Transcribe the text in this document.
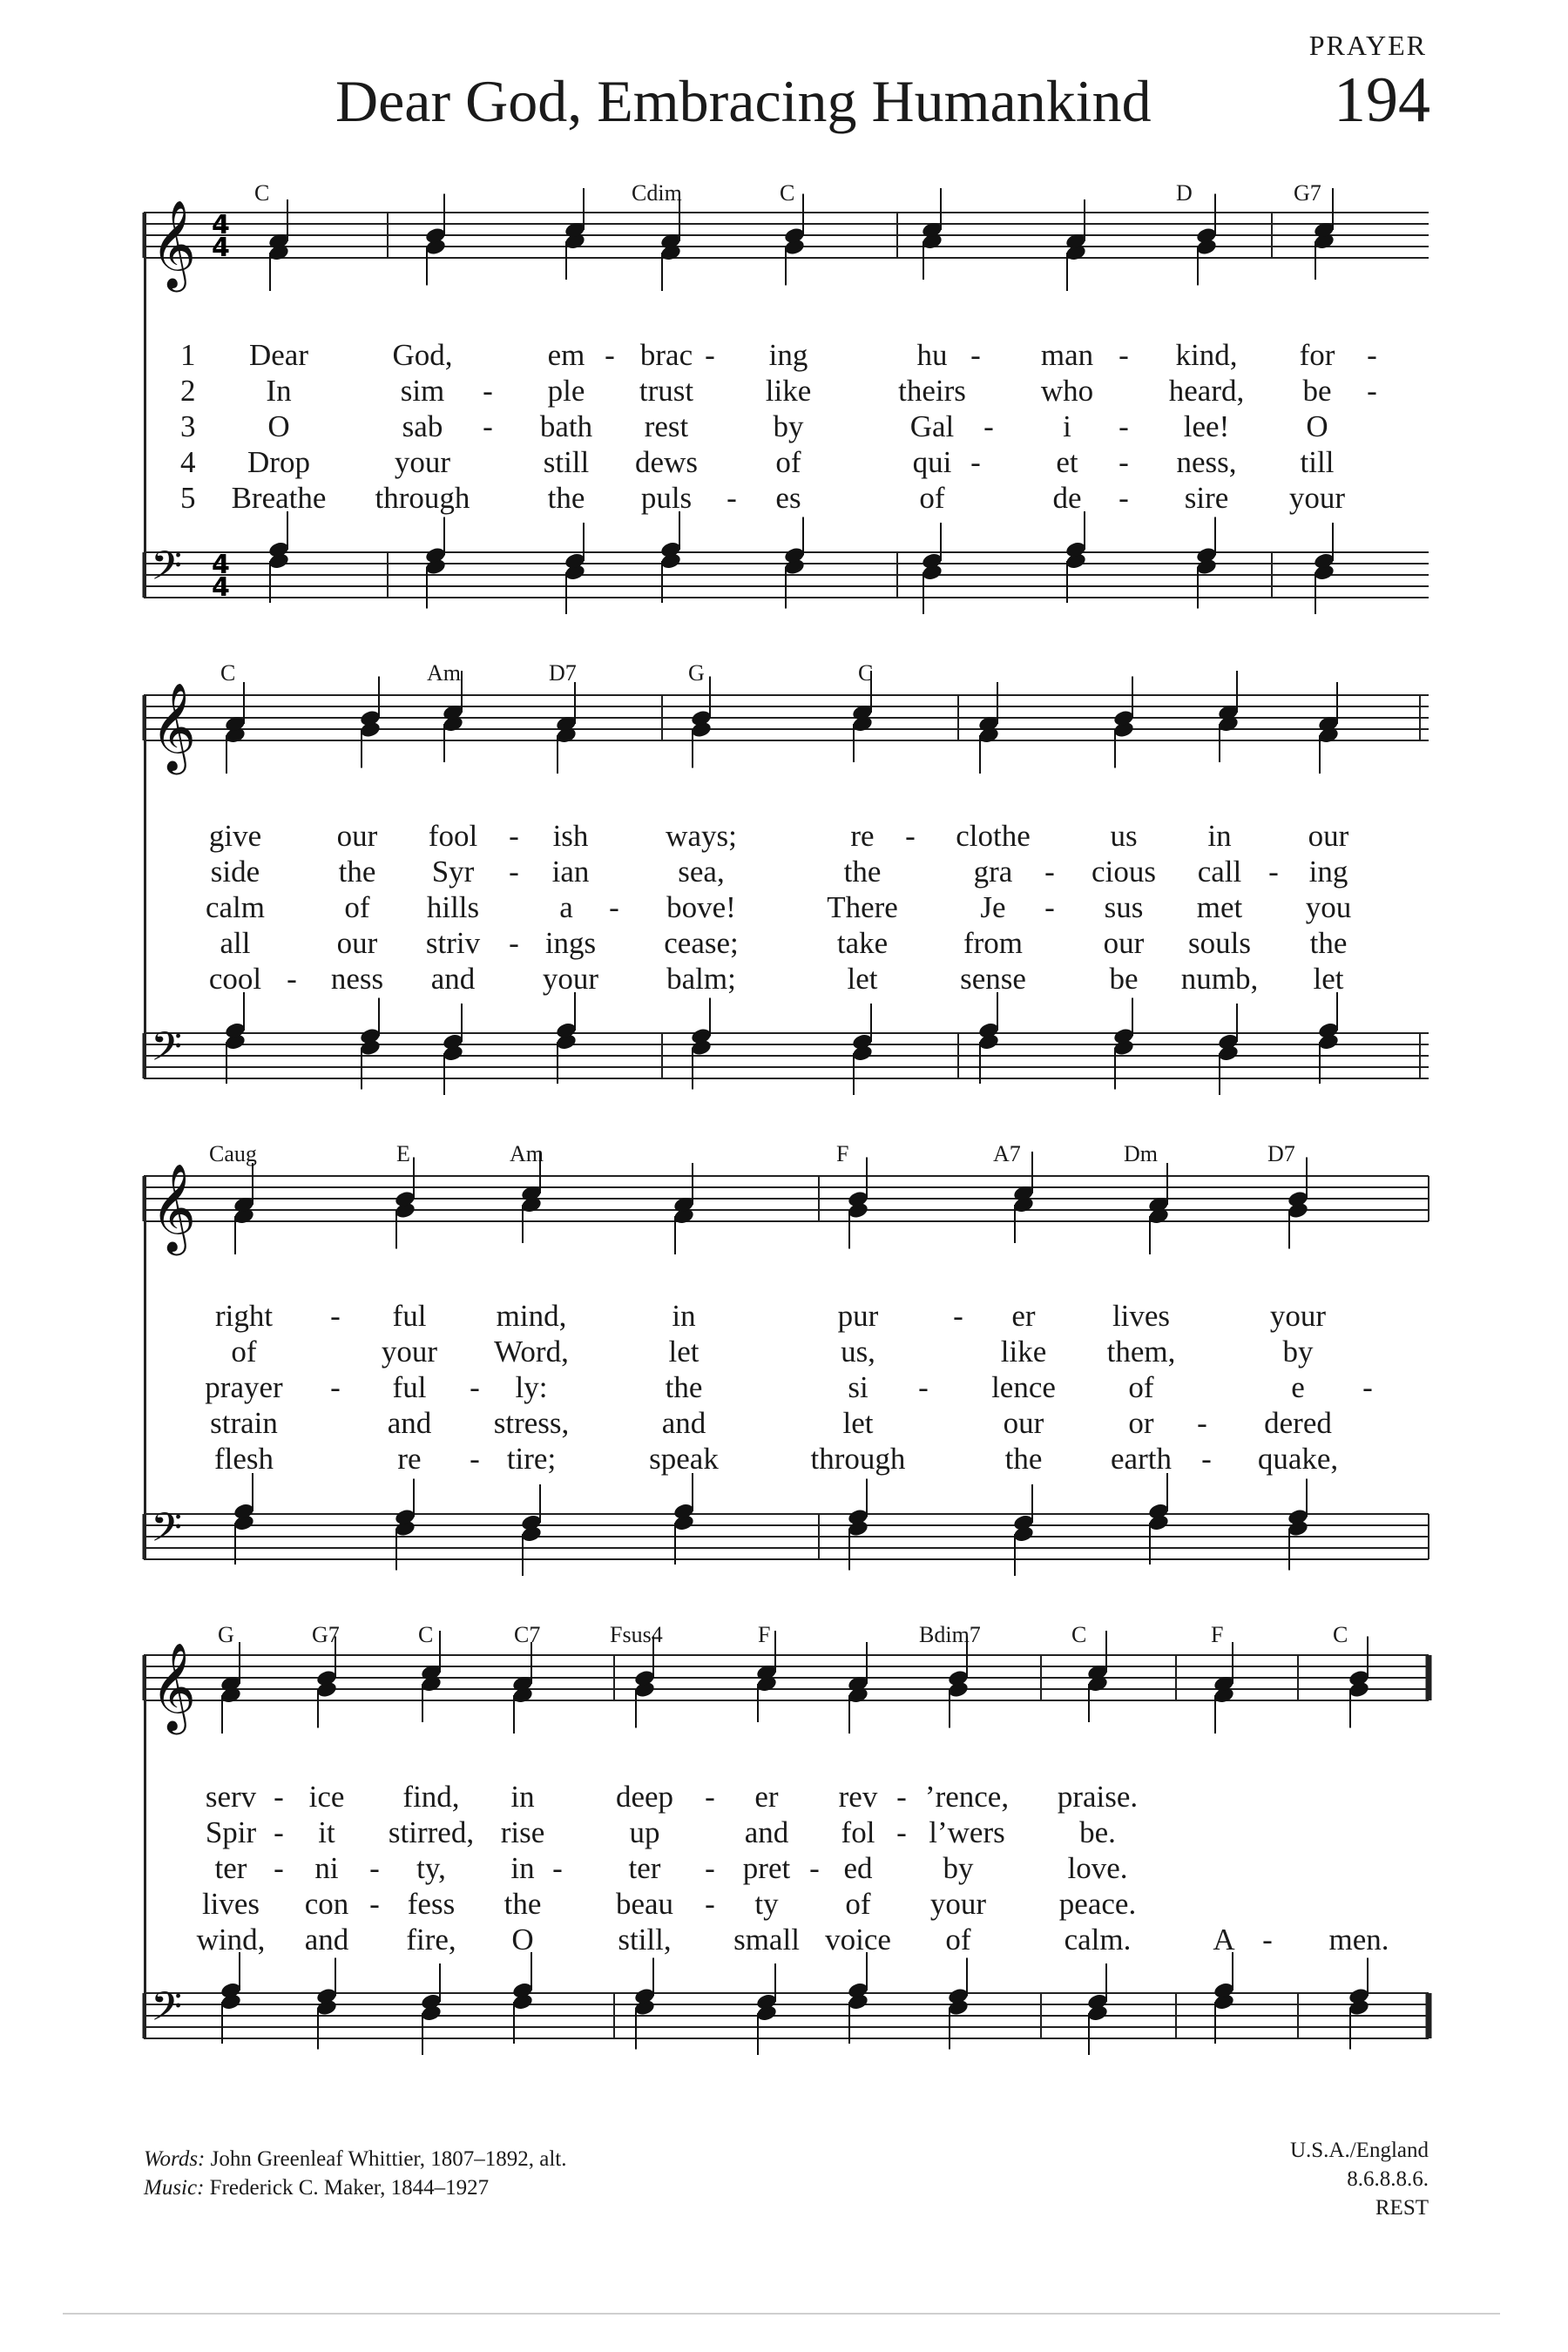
PRAYER
Dear God, Embracing Humankind	194
C	Cdim	C	D	G7
𝄞 4
4
𝄢 4
4
1 Dear	God,	em - brac - ing	hu - man - kind, for -
2 In	sim - ple trust like	theirs who heard, be -
3 O	sab - bath rest	by	Gal - i - lee!	O
4 Drop	your	still dews	of	qui - et - ness, till
5 Breathe through	the puls - es	of	de - sire your
C	Am	D7	G	C
𝄞
𝄢
give our fool - ish	ways;	re - clothe	us in	our
side	the Syr - ian	sea,	the	gra - cious call - ing
calm	of hills	a - bove!	There	Je - sus met you
all	our striv - ings cease;	take from	our souls the
cool - ness and your balm;	let	sense	be numb, let
Caug	E	Am	F	A7	Dm	D7
𝄞
𝄢
right - ful mind,	in	pur - er	lives	your
of	your Word,	let	us,	like them,	by
prayer - ful - ly:	the	si - lence of	e -
strain	and stress,	and	let	our	or - dered
flesh	re - tire;	speak	through	the earth - quake,
G	G7	C	C7	Fsus4	F	Bdim7	C	F	C
𝄞
𝄢
serv - ice find, in	deep - er rev - ’rence, praise.
Spir - it stirred, rise	up	and fol - l’wers be.
ter - ni - ty, in - ter - pret - ed by	love.
lives con - fess the beau - ty of your peace.
wind, and fire, O	still, small voice of	calm.	A - men.
Words: John Greenleaf Whittier, 1807–1892, alt.
Music: Frederick C. Maker, 1844–1927
U.S.A./England
8.6.8.8.6.
REST
